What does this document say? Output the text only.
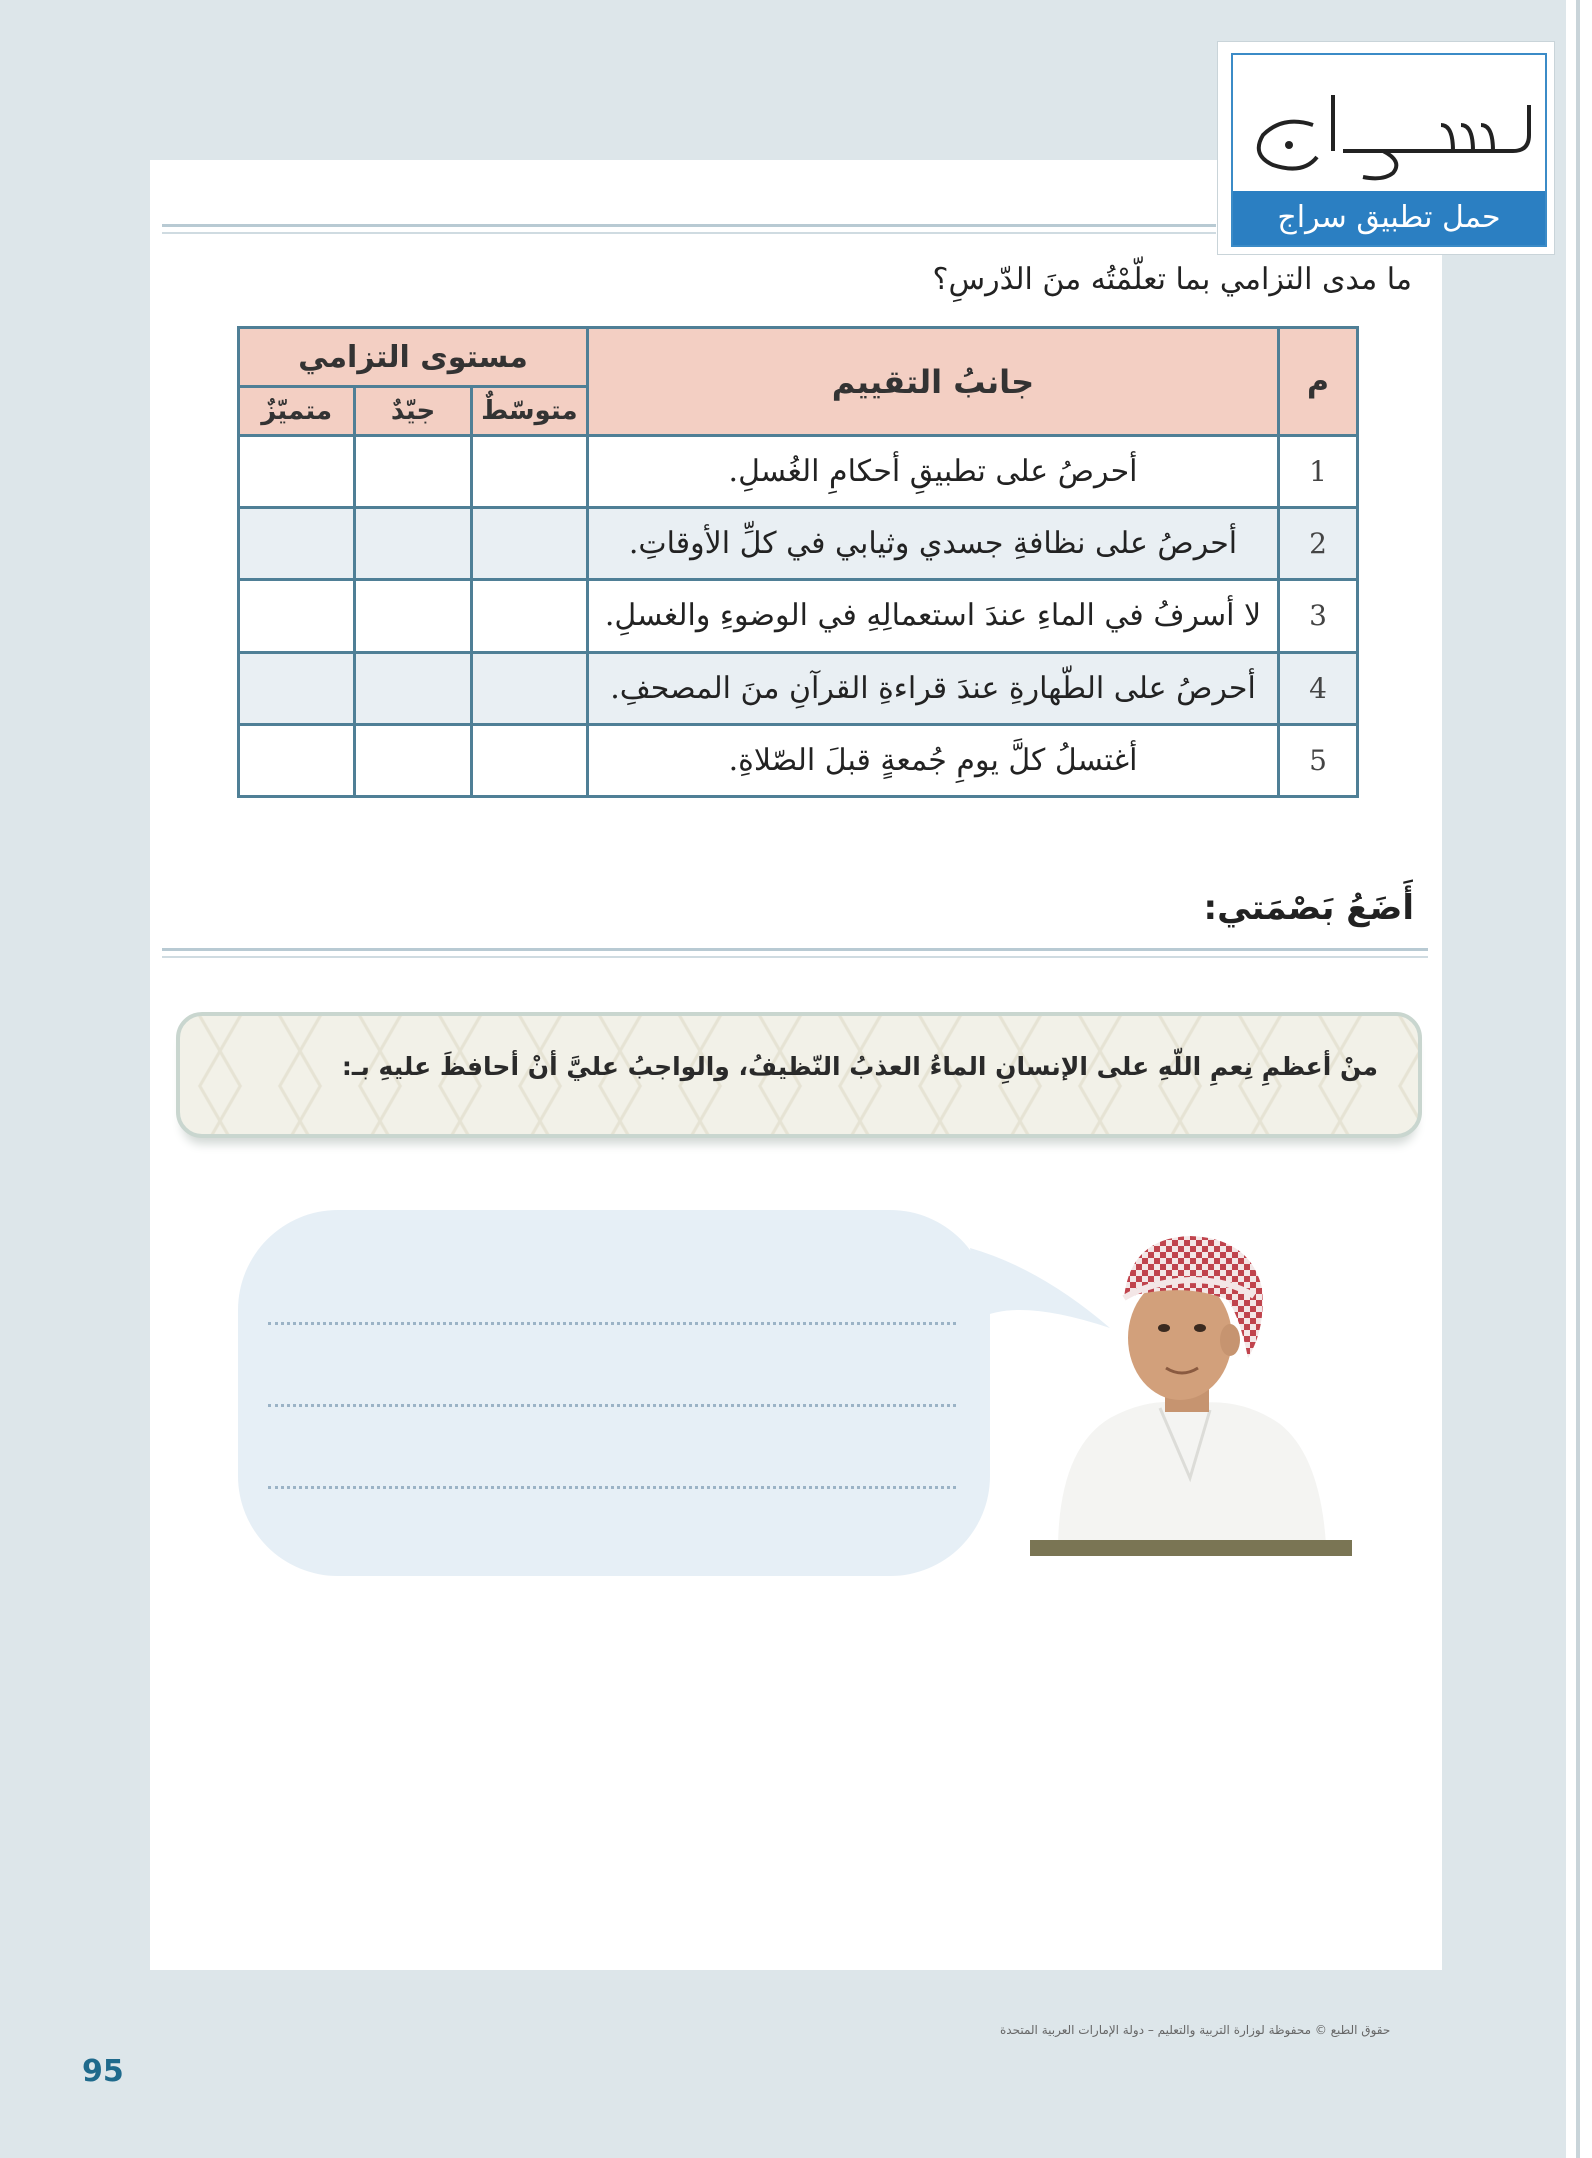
حمل تطبيق سراج
ما مدى التزامي بما تعلّمْتُه منَ الدّرسِ؟
م	جانبُ التقييم	مستوى التزامي		
		متوسّطٌ	جيّدٌ	متميّزٌ
1	أحرصُ على تطبيقِ أحكامِ الغُسلِ.			
2	أحرصُ على نظافةِ جسدي وثيابي في كلِّ الأوقاتِ.			
3	لا أسرفُ في الماءِ عندَ استعمالِهِ في الوضوءِ والغسلِ.			
4	أحرصُ على الطّهارةِ عندَ قراءةِ القرآنِ منَ المصحفِ.			
5	أغتسلُ كلَّ يومِ جُمعةٍ قبلَ الصّلاةِ.			
أَضَعُ بَصْمَتي:
منْ أعظمِ نِعمِ اللّهِ على الإنسانِ الماءُ العذبُ النّظيفُ، والواجبُ عليَّ أنْ أحافظَ عليهِ بـ:
حقوق الطبع © محفوظة لوزارة التربية والتعليم – دولة الإمارات العربية المتحدة
95
